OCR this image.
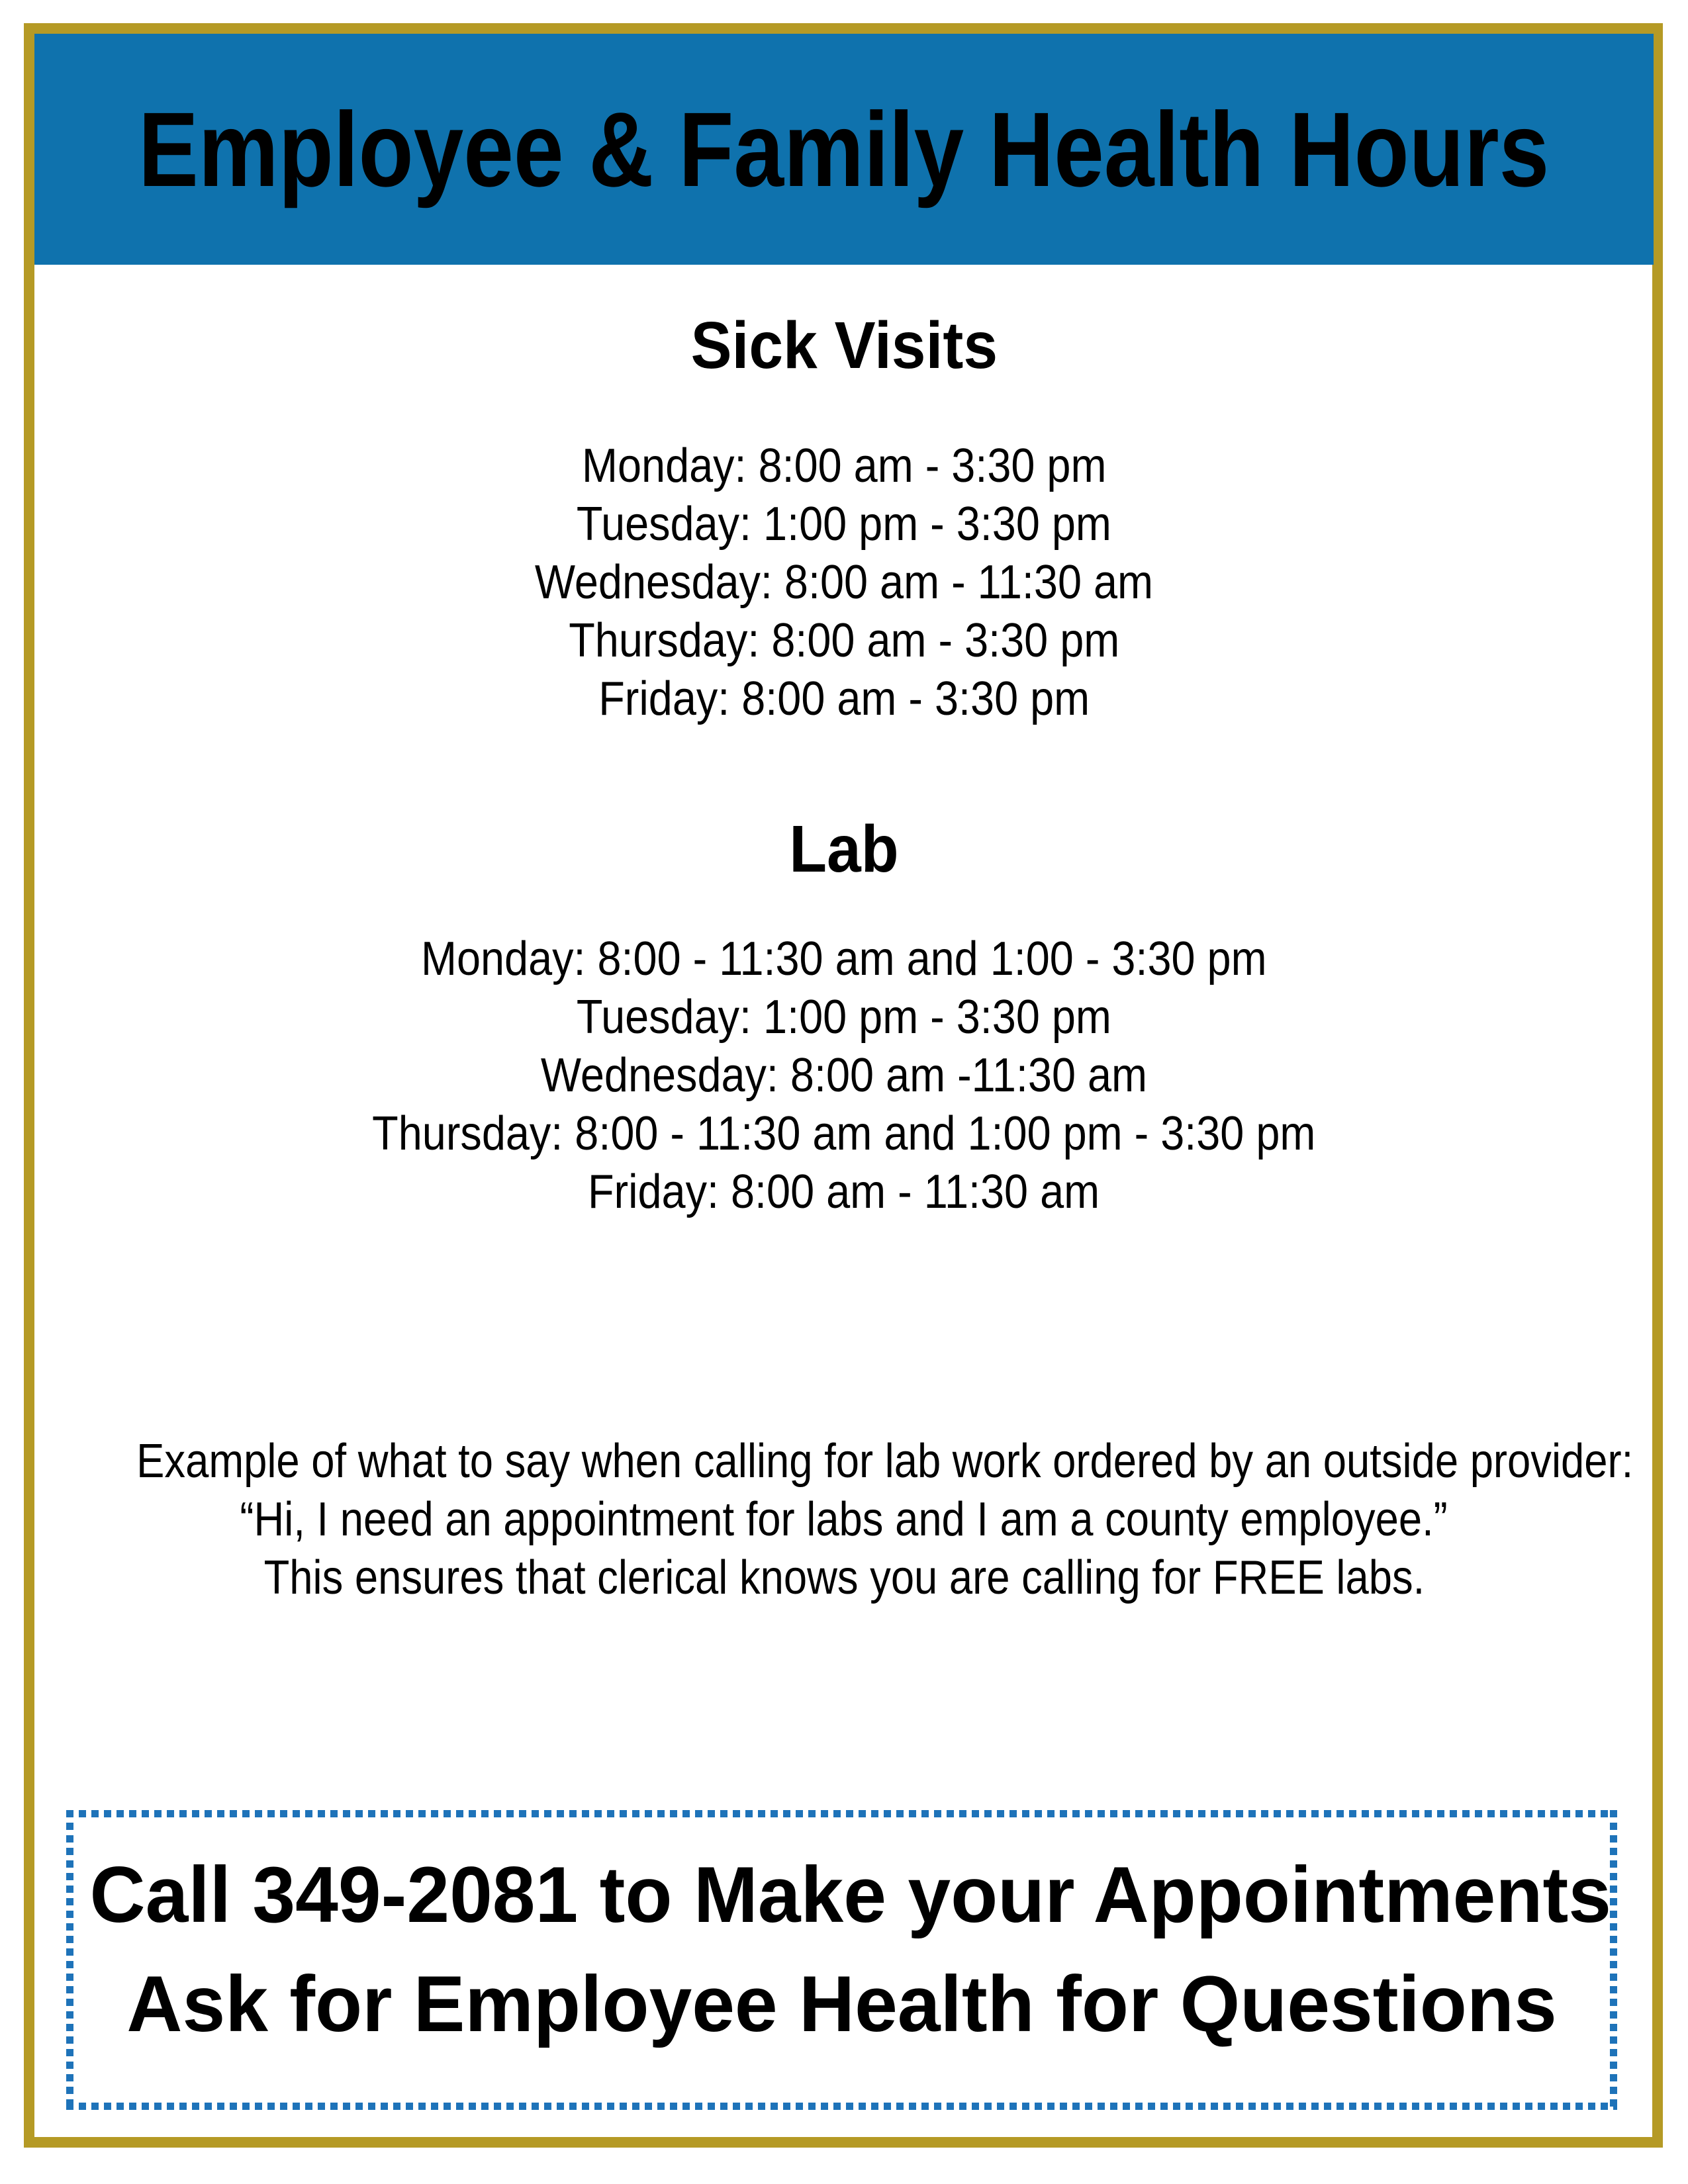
Employee & Family Health Hours
Sick Visits
Monday: 8:00 am - 3:30 pm
Tuesday: 1:00 pm - 3:30 pm
Wednesday: 8:00 am - 11:30 am
Thursday: 8:00 am - 3:30 pm
Friday: 8:00 am - 3:30 pm
Lab
Monday: 8:00 - 11:30 am and 1:00 - 3:30 pm
Tuesday: 1:00 pm - 3:30 pm
Wednesday: 8:00 am -11:30 am
Thursday: 8:00 - 11:30 am and 1:00 pm - 3:30 pm
Friday: 8:00 am - 11:30 am
Example of what to say when calling for lab work ordered by an outside provider:
“Hi, I need an appointment for labs and I am a county employee.”
This ensures that clerical knows you are calling for FREE labs.
Call 349-2081 to Make your Appointments
Ask for Employee Health for Questions
